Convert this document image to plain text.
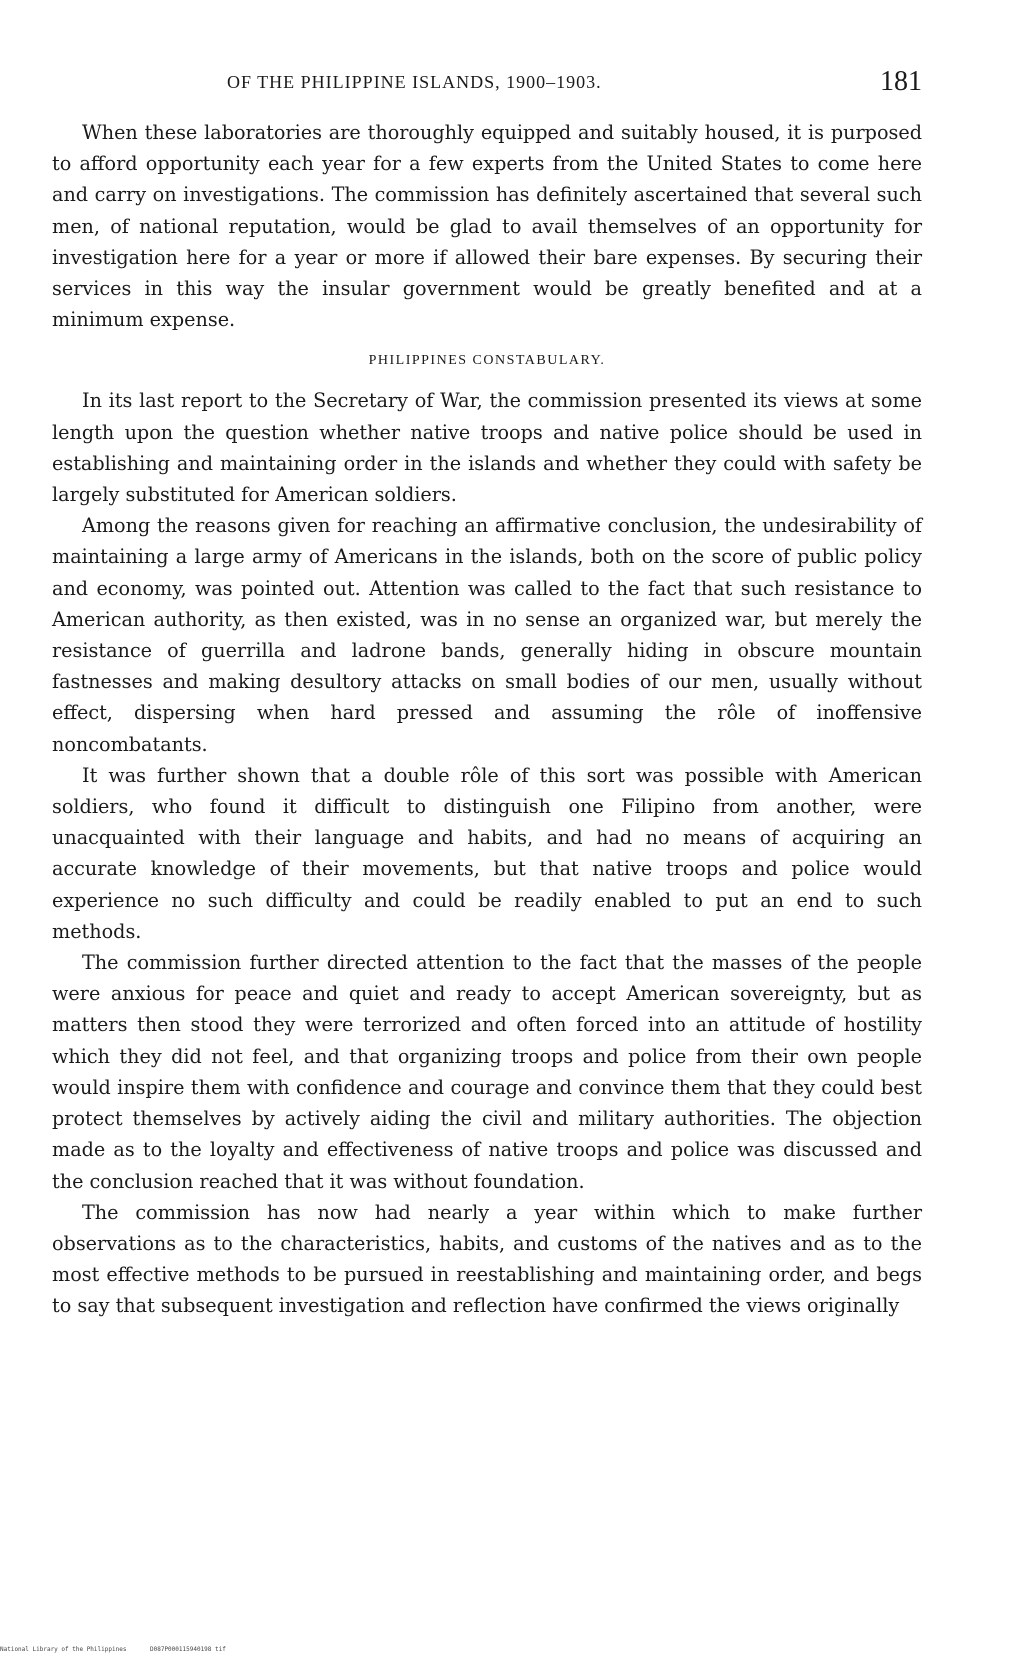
OF THE PHILIPPINE ISLANDS, 1900–1903.	181

When these laboratories are thoroughly equipped and suitably housed, it is purposed to afford opportunity each year for a few experts from the United States to come here and carry on investigations. The commission has definitely ascertained that several such men, of national reputation, would be glad to avail themselves of an opportunity for investigation here for a year or more if allowed their bare expenses. By securing their services in this way the insular government would be greatly benefited and at a minimum expense.

PHILIPPINES CONSTABULARY.

In its last report to the Secretary of War, the commission presented its views at some length upon the question whether native troops and native police should be used in establishing and maintaining order in the islands and whether they could with safety be largely substituted for American soldiers.

Among the reasons given for reaching an affirmative conclusion, the undesirability of maintaining a large army of Americans in the islands, both on the score of public policy and economy, was pointed out. Attention was called to the fact that such resistance to American authority, as then existed, was in no sense an organized war, but merely the resistance of guerrilla and ladrone bands, generally hiding in obscure mountain fastnesses and making desultory attacks on small bodies of our men, usually without effect, dispersing when hard pressed and assuming the rôle of inoffensive noncombatants.

It was further shown that a double rôle of this sort was possible with American soldiers, who found it difficult to distinguish one Filipino from another, were unacquainted with their language and habits, and had no means of acquiring an accurate knowledge of their movements, but that native troops and police would experience no such difficulty and could be readily enabled to put an end to such methods.

The commission further directed attention to the fact that the masses of the people were anxious for peace and quiet and ready to accept American sovereignty, but as matters then stood they were terrorized and often forced into an attitude of hostility which they did not feel, and that organizing troops and police from their own people would inspire them with confidence and courage and convince them that they could best protect themselves by actively aiding the civil and military authorities. The objection made as to the loyalty and effectiveness of native troops and police was discussed and the conclusion reached that it was without foundation.

The commission has now had nearly a year within which to make further observations as to the characteristics, habits, and customs of the natives and as to the most effective methods to be pursued in reestablishing and maintaining order, and begs to say that subsequent investigation and reflection have confirmed the views originally

National Library of the Philippines	D087P000115940198 tif
